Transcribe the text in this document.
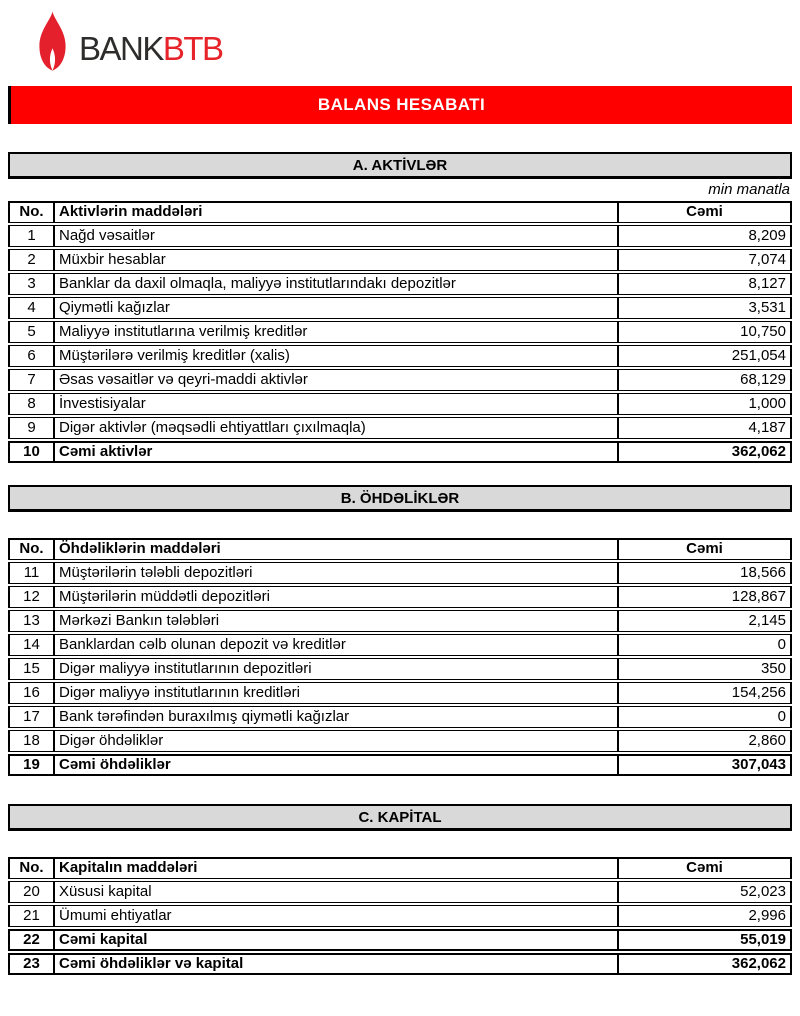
BANKBTB
BALANS HESABATI
A. AKTİVLƏR
min manatla
No.	Aktivlərin maddələri	Cəmi
1	Nağd vəsaitlər	8,209
2	Müxbir hesablar	7,074
3	Banklar da daxil olmaqla, maliyyə institutlarındakı depozitlər	8,127
4	Qiymətli kağızlar	3,531
5	Maliyyə institutlarına verilmiş kreditlər	10,750
6	Müştərilərə verilmiş kreditlər (xalis)	251,054
7	Əsas vəsaitlər və qeyri-maddi aktivlər	68,129
8	İnvestisiyalar	1,000
9	Digər aktivlər (məqsədli ehtiyattları çıxılmaqla)	4,187
10	Cəmi aktivlər	362,062
B. ÖHDƏLİKLƏR
No.	Öhdəliklərin maddələri	Cəmi
11	Müştərilərin tələbli depozitləri	18,566
12	Müştərilərin müddətli depozitləri	128,867
13	Mərkəzi Bankın tələbləri	2,145
14	Banklardan cəlb olunan depozit və kreditlər	0
15	Digər maliyyə institutlarının depozitləri	350
16	Digər maliyyə institutlarının kreditləri	154,256
17	Bank tərəfindən buraxılmış qiymətli kağızlar	0
18	Digər öhdəliklər	2,860
19	Cəmi öhdəliklər	307,043
C. KAPİTAL
No.	Kapitalın maddələri	Cəmi
20	Xüsusi kapital	52,023
21	Ümumi ehtiyatlar	2,996
22	Cəmi kapital	55,019
23	Cəmi öhdəliklər və kapital	362,062
